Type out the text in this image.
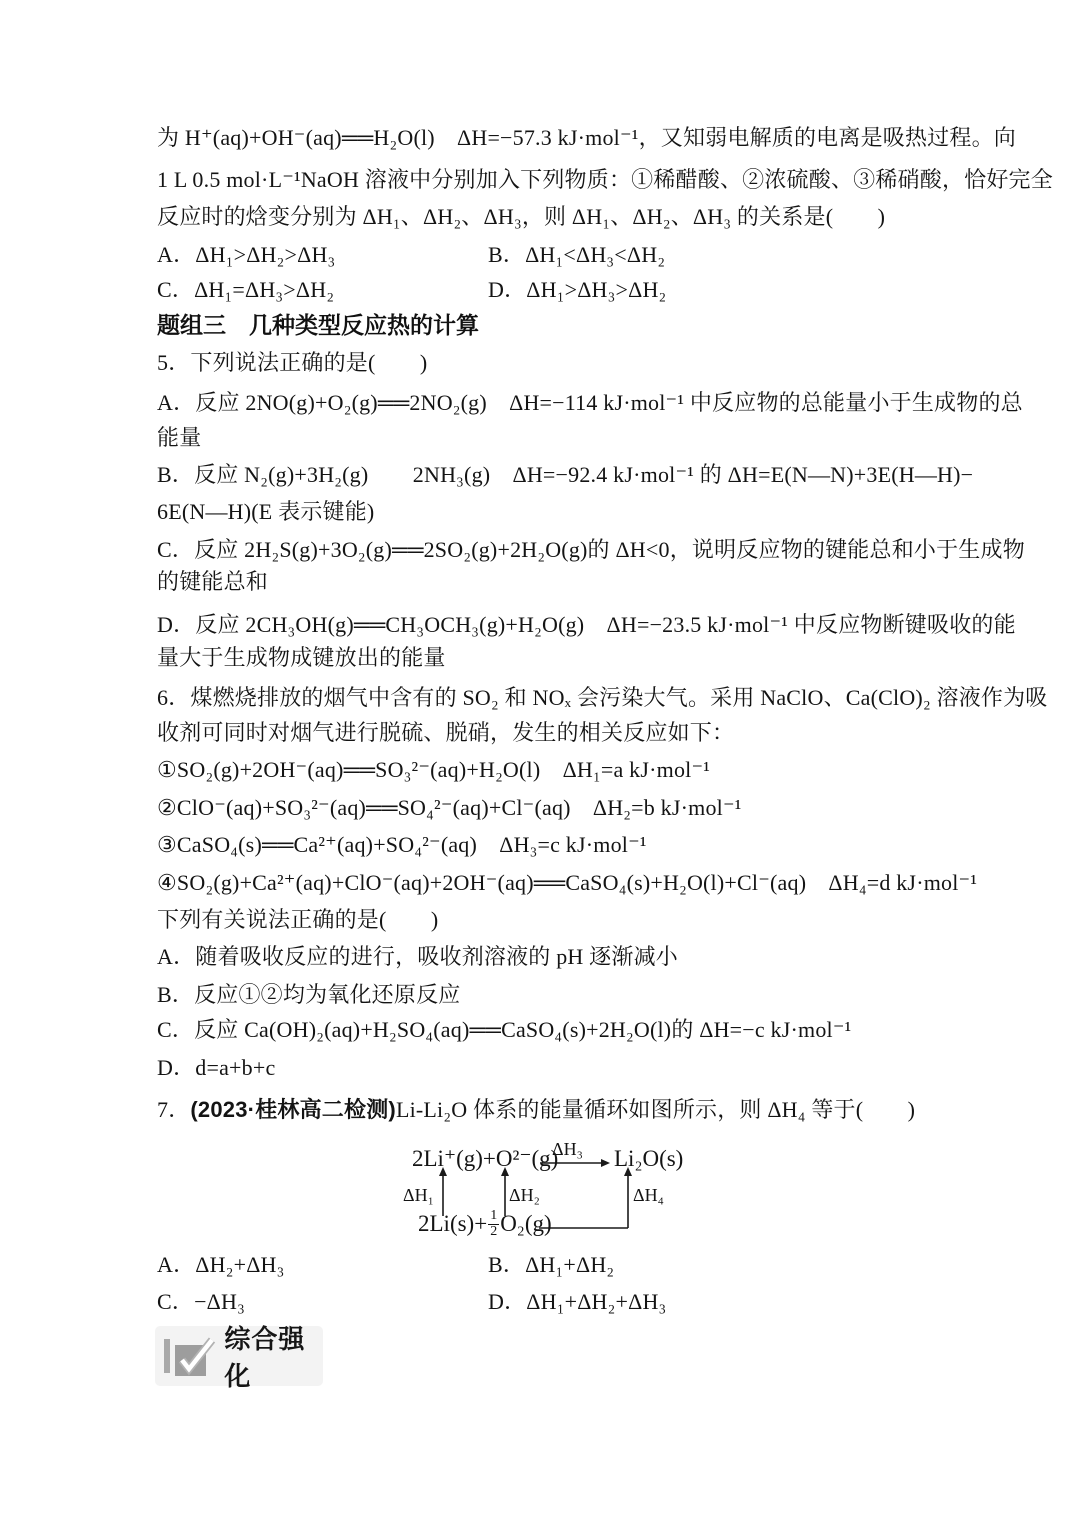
为 H⁺(aq)+OH⁻(aq)══H₂O(l)　ΔH=−57.3 kJ·mol⁻¹，又知弱电解质的电离是吸热过程。向
1 L 0.5 mol·L⁻¹NaOH 溶液中分别加入下列物质：①稀醋酸、②浓硫酸、③稀硝酸，恰好完全
反应时的焓变分别为 ΔH₁、ΔH₂、ΔH₃，则 ΔH₁、ΔH₂、ΔH₃ 的关系是(　　)
A．ΔH₁>ΔH₂>ΔH₃	B．ΔH₁<ΔH₃<ΔH₂
C．ΔH₁=ΔH₃>ΔH₂	D．ΔH₁>ΔH₃>ΔH₂
题组三　几种类型反应热的计算
5．下列说法正确的是(　　)
A．反应 2NO(g)+O₂(g)══2NO₂(g)　ΔH=−114 kJ·mol⁻¹ 中反应物的总能量小于生成物的总
能量
B．反应 N₂(g)+3H₂(g)　　2NH₃(g)　ΔH=−92.4 kJ·mol⁻¹ 的 ΔH=E(N—N)+3E(H—H)−
6E(N—H)(E 表示键能)
C．反应 2H₂S(g)+3O₂(g)══2SO₂(g)+2H₂O(g)的 ΔH<0，说明反应物的键能总和小于生成物
的键能总和
D．反应 2CH₃OH(g)══CH₃OCH₃(g)+H₂O(g)　ΔH=−23.5 kJ·mol⁻¹ 中反应物断键吸收的能
量大于生成物成键放出的能量
6．煤燃烧排放的烟气中含有的 SO₂ 和 NOₓ 会污染大气。采用 NaClO、Ca(ClO)₂ 溶液作为吸
收剂可同时对烟气进行脱硫、脱硝，发生的相关反应如下：
①SO₂(g)+2OH⁻(aq)══SO₃²⁻(aq)+H₂O(l)　ΔH₁=a kJ·mol⁻¹
②ClO⁻(aq)+SO₃²⁻(aq)══SO₄²⁻(aq)+Cl⁻(aq)　ΔH₂=b kJ·mol⁻¹
③CaSO₄(s)══Ca²⁺(aq)+SO₄²⁻(aq)　ΔH₃=c kJ·mol⁻¹
④SO₂(g)+Ca²⁺(aq)+ClO⁻(aq)+2OH⁻(aq)══CaSO₄(s)+H₂O(l)+Cl⁻(aq)　ΔH₄=d kJ·mol⁻¹
下列有关说法正确的是(　　)
A．随着吸收反应的进行，吸收剂溶液的 pH 逐渐减小
B．反应①②均为氧化还原反应
C．反应 Ca(OH)₂(aq)+H₂SO₄(aq)══CaSO₄(s)+2H₂O(l)的 ΔH=−c kJ·mol⁻¹
D．d=a+b+c
7．(2023·桂林高二检测)Li-Li₂O 体系的能量循环如图所示，则 ΔH₄ 等于(　　)
2Li⁺(g)+O²⁻(g)
ΔH₃ Li₂O(s)
ΔH₁	ΔH₂	ΔH₄
$2Li(s)+ \frac{1}{2} O_2(g)$
A．ΔH₂+ΔH₃	B．ΔH₁+ΔH₂
C．−ΔH₃	D．ΔH₁+ΔH₂+ΔH₃
综合强化
